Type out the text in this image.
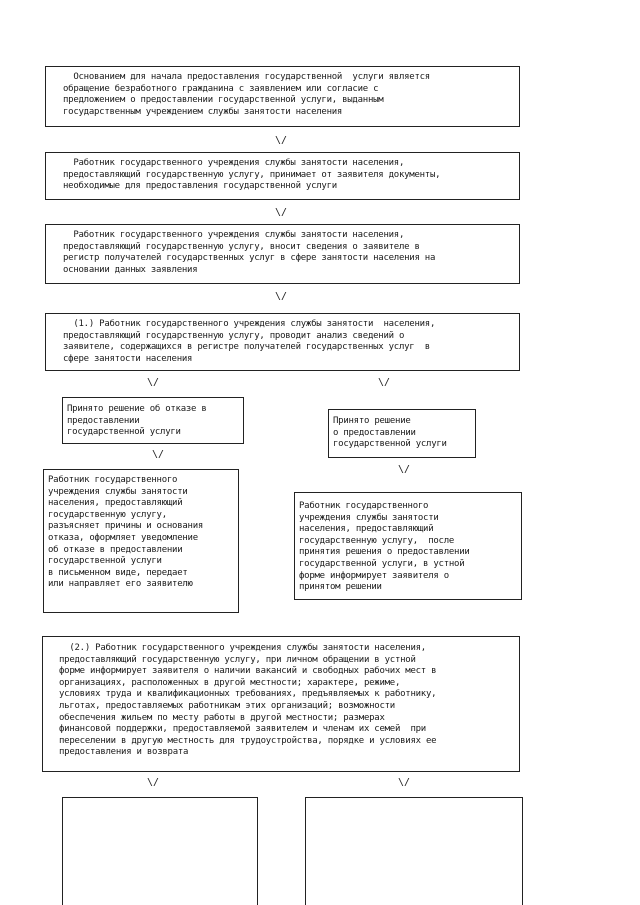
Основанием для начала предоставления государственной  услуги является
обращение безработного гражданина с заявлением или согласие с
предложением о предоставлении государственной услуги, выданным
государственным учреждением службы занятости населения
\/
Работник государственного учреждения службы занятости населения,
предоставляющий государственную услугу, принимает от заявителя документы,
необходимые для предоставления государственной услуги
\/
Работник государственного учреждения службы занятости населения,
предоставляющий государственную услугу, вносит сведения о заявителе в
регистр получателей государственных услуг в сфере занятости населения на
основании данных заявления
\/
(1.) Работник государственного учреждения службы занятости  населения,
предоставляющий государственную услугу, проводит анализ сведений о
заявителе, содержащихся в регистре получателей государственных услуг  в
сфере занятости населения
\/	\/
Принято решение об отказе в
предоставлении
государственной услуги
\/
Принято решение
о предоставлении
государственной услуги
\/
Работник государственного
учреждения службы занятости
населения, предоставляющий
государственную услугу,
разъясняет причины и основания
отказа, оформляет уведомление
об отказе в предоставлении
государственной услуги
в письменном виде, передает
или направляет его заявителю
Работник государственного
учреждения службы занятости
населения, предоставляющий
государственную услугу,  после
принятия решения о предоставлении
государственной услуги, в устной
форме информирует заявителя о
принятом решении
(2.) Работник государственного учреждения службы занятости населения,
предоставляющий государственную услугу, при личном обращении в устной
форме информирует заявителя о наличии вакансий и свободных рабочих мест в
организациях, расположенных в другой местности; характере, режиме,
условиях труда и квалификационных требованиях, предъявляемых к работнику,
льготах, предоставляемых работникам этих организаций; возможности
обеспечения жильем по месту работы в другой местности; размерах
финансовой поддержки, предоставляемой заявителем и членам их семей  при
переселении в другую местность для трудоустройства, порядке и условиях ее
предоставления и возврата
\/	\/
